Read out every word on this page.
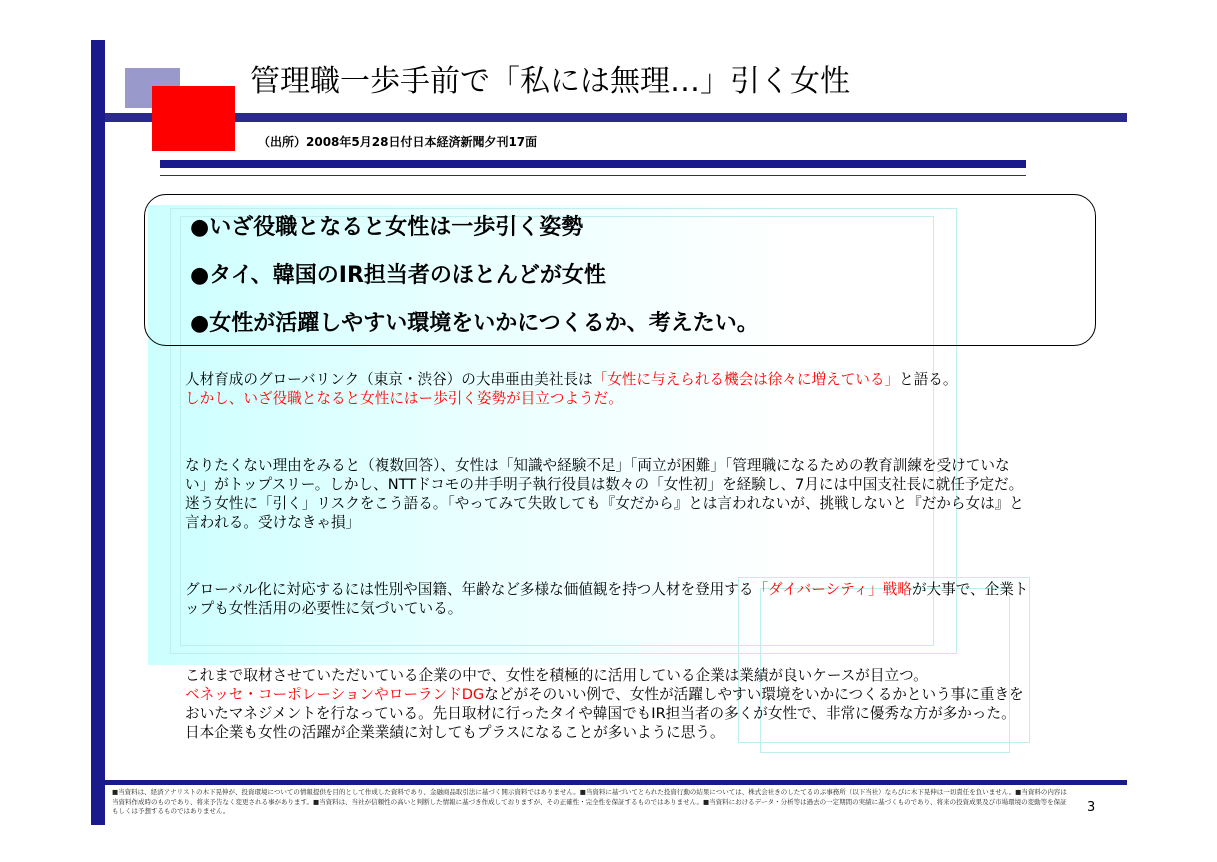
管理職一歩手前で「私には無理…」引く女性
（出所）2008年5月28日付日本経済新聞夕刊17面
●いざ役職となると女性は一歩引く姿勢
●タイ、韓国のIR担当者のほとんどが女性
●女性が活躍しやすい環境をいかにつくるか、考えたい。
人材育成のグローバリンク（東京・渋谷）の大串亜由美社長は「女性に与えられる機会は徐々に増えている」と語る。
しかし、いざ役職となると女性にはー歩引く姿勢が目立つようだ。
なりたくない理由をみると（複数回答）、女性は「知識や経験不足」「両立が困難」「管理職になるための教育訓練を受けていない」がトップスリー。しかし、NTTドコモの井手明子執行役員は数々の「女性初」を経験し、7月には中国支社長に就任予定だ。迷う女性に「引く」リスクをこう語る。「やってみて失敗しても『女だから』とは言われないが、挑戦しないと『だから女は』と言われる。受けなきゃ損」
グローバル化に対応するには性別や国籍、年齢など多様な価値観を持つ人材を登用する「ダイバーシティ」戦略が大事で、企業トップも女性活用の必要性に気づいている。
これまで取材させていただいている企業の中で、女性を積極的に活用している企業は業績が良いケースが目立つ。
ベネッセ・コーポレーションやローランドDGなどがそのいい例で、女性が活躍しやすい環境をいかにつくるかという事に重きをおいたマネジメントを行なっている。先日取材に行ったタイや韓国でもIR担当者の多くが女性で、非常に優秀な方が多かった。日本企業も女性の活躍が企業業績に対してもプラスになることが多いように思う。
■当資料は、経済アナリストの木下晃伸が、投資環境についての情報提供を目的として作成した資料であり、金融商品取引法に基づく開示資料ではありません。■当資料に基づいてとられた投資行動の結果については、株式会社きのしたてるのぶ事務所（以下当社）ならびに木下晃伸は一切責任を負いません。■当資料の内容は当資料作成時のものであり、将来予告なく変更される事があります。■当資料は、当社が信頼性の高いと判断した情報に基づき作成しておりますが、その正確性・完全性を保証するものではありません。■当資料におけるデータ・分析等は過去の一定期間の実績に基づくものであり、将来の投資成果及び市場環境の変動等を保証もしくは予想するものではありません。	3
